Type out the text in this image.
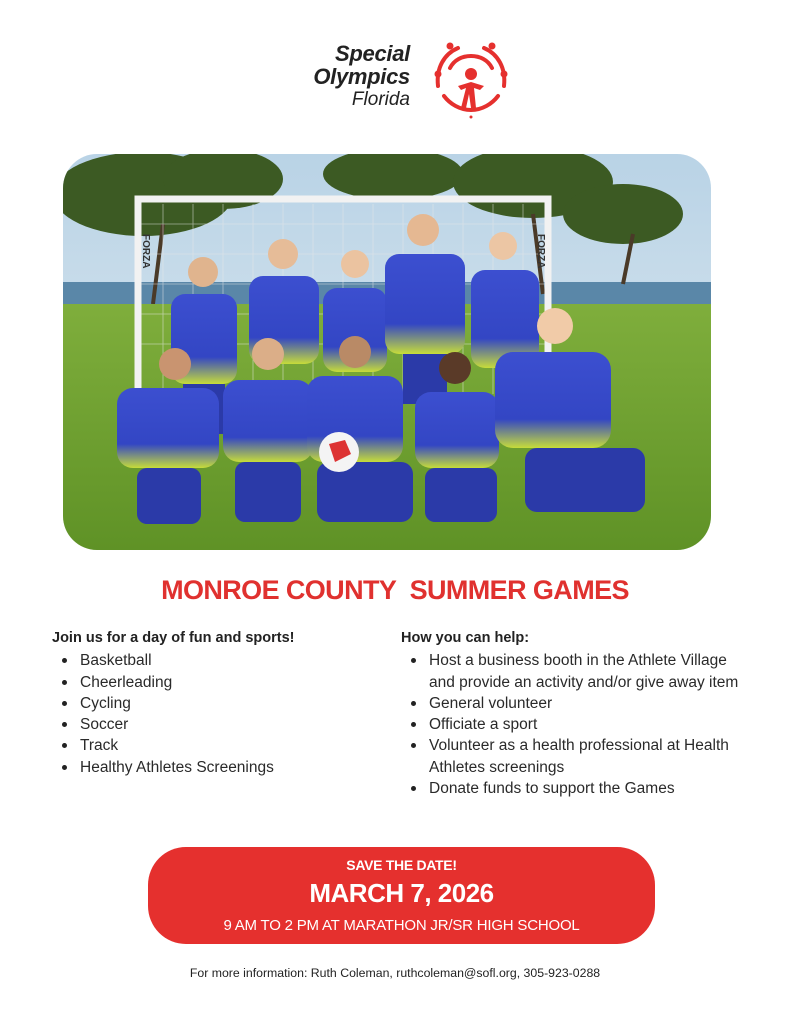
Special
Olympics
Florida
FORZA	FORZA
MONROE COUNTY  SUMMER GAMES
Join us for a day of fun and sports!
Basketball
Cheerleading
Cycling
Soccer
Track
Healthy Athletes Screenings
How you can help:
Host a business booth in the Athlete Village and provide an activity and/or give away item
General volunteer
Officiate a sport
Volunteer as a health professional at Health Athletes screenings
Donate funds to support the Games
SAVE THE DATE!
MARCH 7, 2026
9 AM TO 2 PM AT MARATHON JR/SR HIGH SCHOOL
For more information: Ruth Coleman, ruthcoleman@sofl.org, 305-923-0288
